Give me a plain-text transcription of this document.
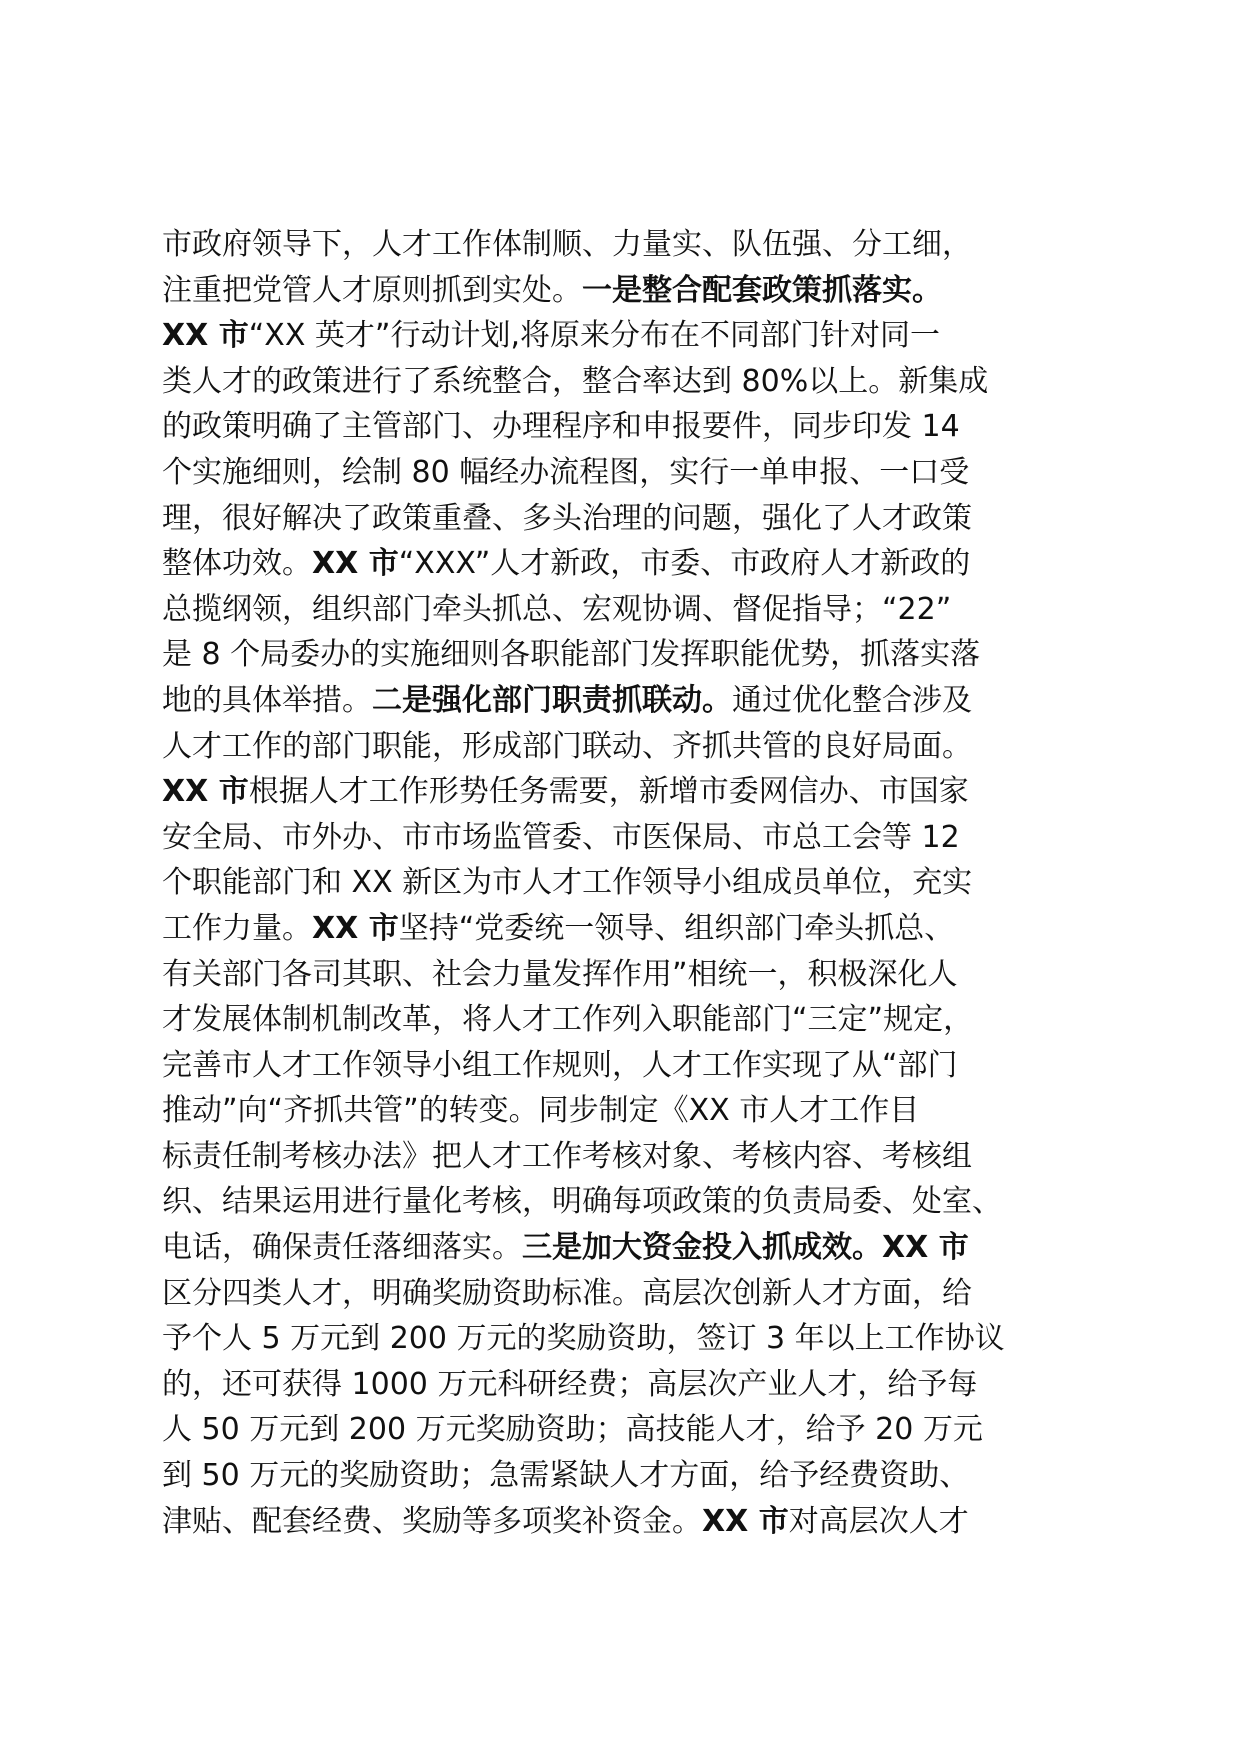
市政府领导下，人才工作体制顺、力量实、队伍强、分工细，
注重把党管人才原则抓到实处。一是整合配套政策抓落实。
XX 市“XX 英才”行动计划,将原来分布在不同部门针对同一
类人才的政策进行了系统整合，整合率达到 80%以上。新集成
的政策明确了主管部门、办理程序和申报要件，同步印发 14
个实施细则，绘制 80 幅经办流程图，实行一单申报、一口受
理，很好解决了政策重叠、多头治理的问题，强化了人才政策
整体功效。XX 市“XXX”人才新政，市委、市政府人才新政的
总揽纲领，组织部门牵头抓总、宏观协调、督促指导；“22”
是 8 个局委办的实施细则各职能部门发挥职能优势，抓落实落
地的具体举措。二是强化部门职责抓联动。通过优化整合涉及
人才工作的部门职能，形成部门联动、齐抓共管的良好局面。
XX 市根据人才工作形势任务需要，新增市委网信办、市国家
安全局、市外办、市市场监管委、市医保局、市总工会等 12
个职能部门和 XX 新区为市人才工作领导小组成员单位，充实
工作力量。XX 市坚持“党委统一领导、组织部门牵头抓总、
有关部门各司其职、社会力量发挥作用”相统一，积极深化人
才发展体制机制改革，将人才工作列入职能部门“三定”规定，
完善市人才工作领导小组工作规则，人才工作实现了从“部门
推动”向“齐抓共管”的转变。同步制定《XX 市人才工作目
标责任制考核办法》把人才工作考核对象、考核内容、考核组
织、结果运用进行量化考核，明确每项政策的负责局委、处室、
电话，确保责任落细落实。三是加大资金投入抓成效。XX 市
区分四类人才，明确奖励资助标准。高层次创新人才方面，给
予个人 5 万元到 200 万元的奖励资助，签订 3 年以上工作协议
的，还可获得 1000 万元科研经费；高层次产业人才，给予每
人 50 万元到 200 万元奖励资助；高技能人才，给予 20 万元
到 50 万元的奖励资助；急需紧缺人才方面，给予经费资助、
津贴、配套经费、奖励等多项奖补资金。XX 市对高层次人才
